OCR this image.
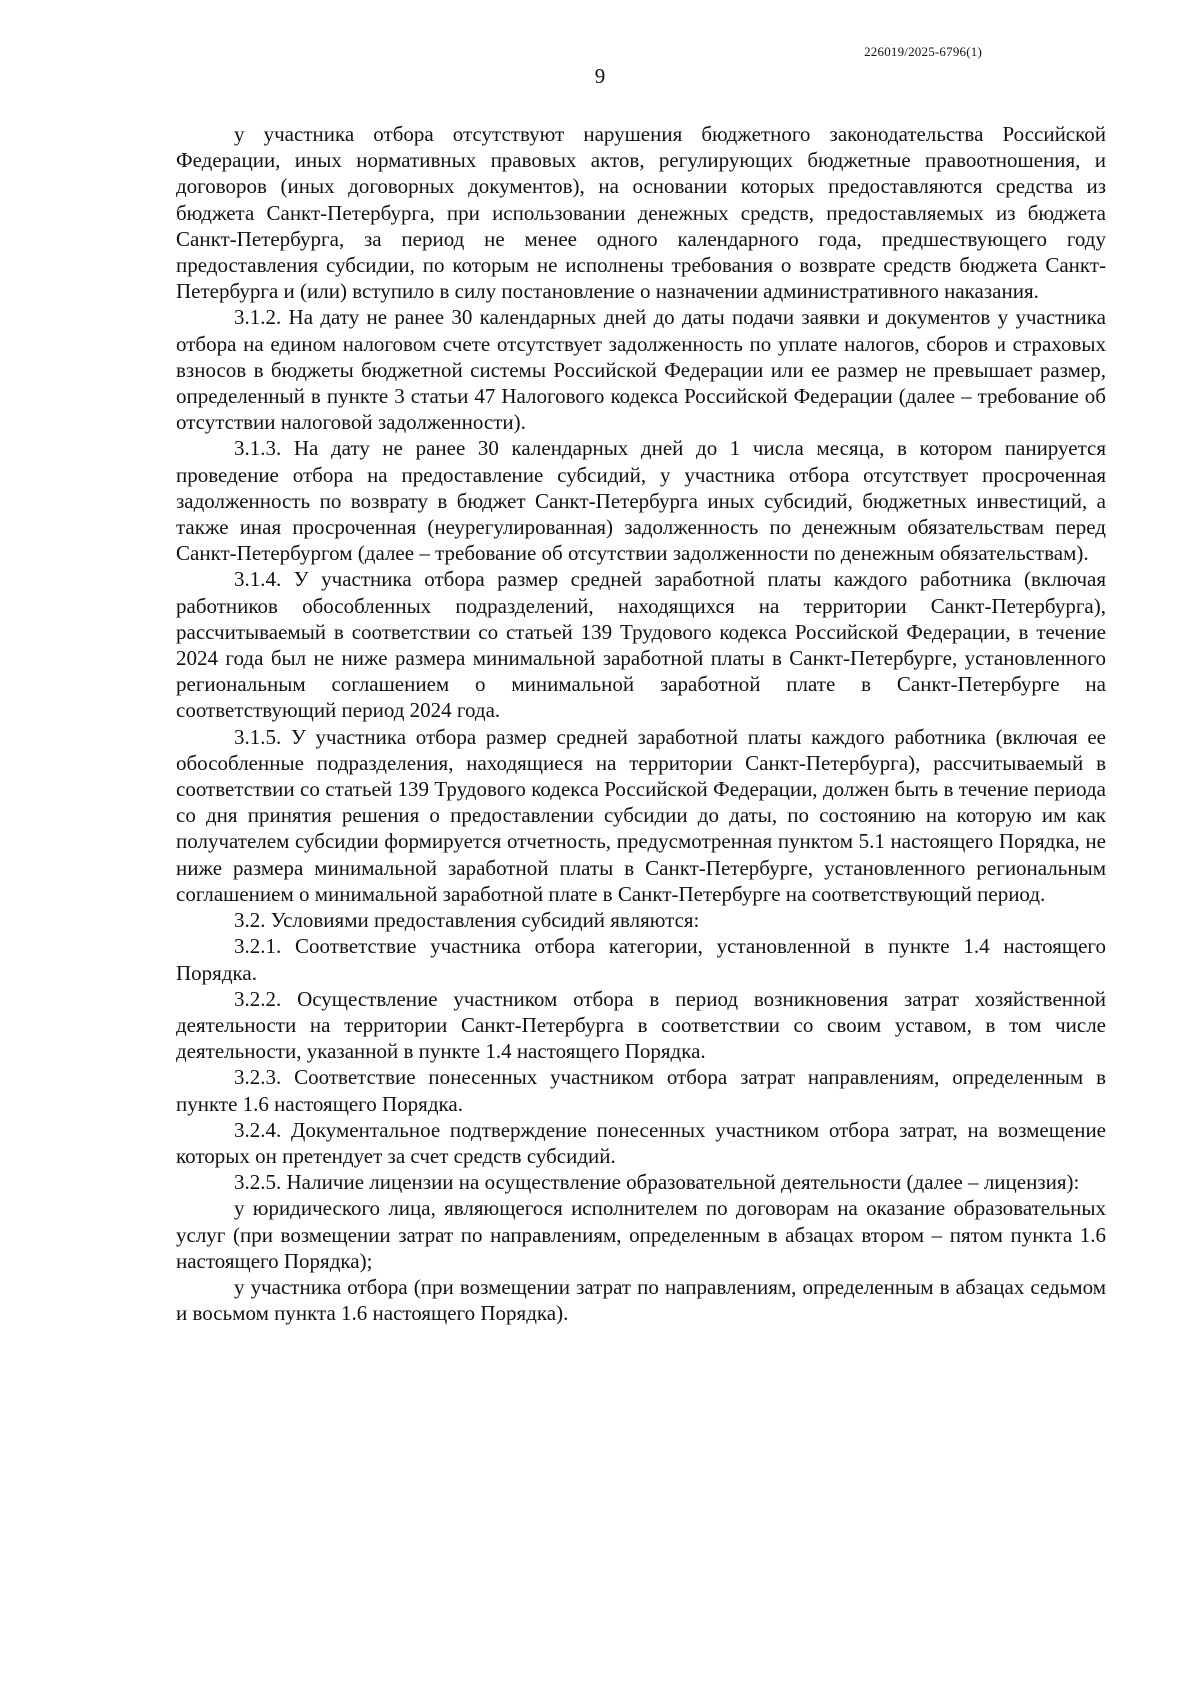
226019/2025-6796(1)
9

у участника отбора отсутствуют нарушения бюджетного законодательства Российской Федерации, иных нормативных правовых актов, регулирующих бюджетные правоотношения, и договоров (иных договорных документов), на основании которых предоставляются средства из бюджета Санкт-Петербурга, при использовании денежных средств, предоставляемых из бюджета Санкт-Петербурга, за период не менее одного календарного года, предшествующего году предоставления субсидии, по которым не исполнены требования о возврате средств бюджета Санкт-Петербурга и (или) вступило в силу постановление о назначении административного наказания.

3.1.2. На дату не ранее 30 календарных дней до даты подачи заявки и документов у участника отбора на едином налоговом счете отсутствует задолженность по уплате налогов, сборов и страховых взносов в бюджеты бюджетной системы Российской Федерации или ее размер не превышает размер, определенный в пункте 3 статьи 47 Налогового кодекса Российской Федерации (далее – требование об отсутствии налоговой задолженности).

3.1.3. На дату не ранее 30 календарных дней до 1 числа месяца, в котором панируется проведение отбора на предоставление субсидий, у участника отбора отсутствует просроченная задолженность по возврату в бюджет Санкт-Петербурга иных субсидий, бюджетных инвестиций, а также иная просроченная (неурегулированная) задолженность по денежным обязательствам перед Санкт-Петербургом (далее – требование об отсутствии задолженности по денежным обязательствам).

3.1.4. У участника отбора размер средней заработной платы каждого работника (включая работников обособленных подразделений, находящихся на территории Санкт-Петербурга), рассчитываемый в соответствии со статьей 139 Трудового кодекса Российской Федерации, в течение 2024 года был не ниже размера минимальной заработной платы в Санкт-Петербурге, установленного региональным соглашением о минимальной заработной плате в Санкт-Петербурге на соответствующий период 2024 года.

3.1.5. У участника отбора размер средней заработной платы каждого работника (включая ее обособленные подразделения, находящиеся на территории Санкт-Петербурга), рассчитываемый в соответствии со статьей 139 Трудового кодекса Российской Федерации, должен быть в течение периода со дня принятия решения о предоставлении субсидии до даты, по состоянию на которую им как получателем субсидии формируется отчетность, предусмотренная пунктом 5.1 настоящего Порядка, не ниже размера минимальной заработной платы в Санкт-Петербурге, установленного региональным соглашением о минимальной заработной плате в Санкт-Петербурге на соответствующий период.

3.2. Условиями предоставления субсидий являются:

3.2.1. Соответствие участника отбора категории, установленной в пункте 1.4 настоящего Порядка.

3.2.2. Осуществление участником отбора в период возникновения затрат хозяйственной деятельности на территории Санкт-Петербурга в соответствии со своим уставом, в том числе деятельности, указанной в пункте 1.4 настоящего Порядка.

3.2.3. Соответствие понесенных участником отбора затрат направлениям, определенным в пункте 1.6 настоящего Порядка.

3.2.4. Документальное подтверждение понесенных участником отбора затрат, на возмещение которых он претендует за счет средств субсидий.

3.2.5. Наличие лицензии на осуществление образовательной деятельности (далее – лицензия):

у юридического лица, являющегося исполнителем по договорам на оказание образовательных услуг (при возмещении затрат по направлениям, определенным в абзацах втором – пятом пункта 1.6 настоящего Порядка);

у участника отбора (при возмещении затрат по направлениям, определенным в абзацах седьмом и восьмом пункта 1.6 настоящего Порядка).
